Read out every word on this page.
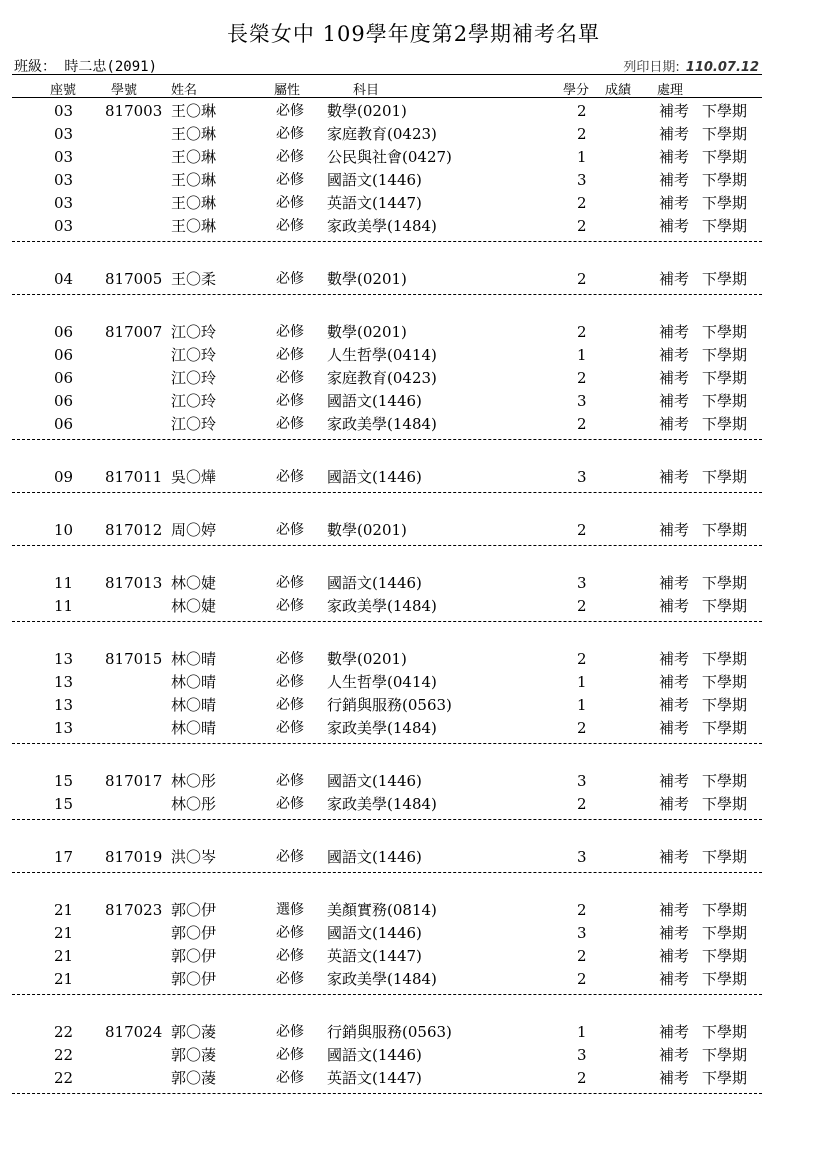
長榮女中 109學年度第2學期補考名單
班級： 時二忠(2091)	列印日期: 110.07.12
座號	學號	姓名	屬性	科目	學分 成績 處理
03 817003 王〇琳	必修 數學(0201)	2	補考 下學期
03	王〇琳	必修 家庭教育(0423)	2	補考 下學期
03	王〇琳	必修 公民與社會(0427)	1	補考 下學期
03	王〇琳	必修 國語文(1446)	3	補考 下學期
03	王〇琳	必修 英語文(1447)	2	補考 下學期
03	王〇琳	必修 家政美學(1484)	2	補考 下學期
04 817005 王〇柔	必修 數學(0201)	2	補考 下學期
06 817007 江〇玲	必修 數學(0201)	2	補考 下學期
06	江〇玲	必修 人生哲學(0414)	1	補考 下學期
06	江〇玲	必修 家庭教育(0423)	2	補考 下學期
06	江〇玲	必修 國語文(1446)	3	補考 下學期
06	江〇玲	必修 家政美學(1484)	2	補考 下學期
09 817011 吳〇燁	必修 國語文(1446)	3	補考 下學期
10 817012 周〇婷	必修 數學(0201)	2	補考 下學期
11 817013 林〇婕	必修 國語文(1446)	3	補考 下學期
11	林〇婕	必修 家政美學(1484)	2	補考 下學期
13 817015 林〇晴	必修 數學(0201)	2	補考 下學期
13	林〇晴	必修 人生哲學(0414)	1	補考 下學期
13	林〇晴	必修 行銷與服務(0563)	1	補考 下學期
13	林〇晴	必修 家政美學(1484)	2	補考 下學期
15 817017 林〇彤	必修 國語文(1446)	3	補考 下學期
15	林〇彤	必修 家政美學(1484)	2	補考 下學期
17 817019 洪〇岑	必修 國語文(1446)	3	補考 下學期
21 817023 郭〇伊	選修 美顏實務(0814)	2	補考 下學期
21	郭〇伊	必修 國語文(1446)	3	補考 下學期
21	郭〇伊	必修 英語文(1447)	2	補考 下學期
21	郭〇伊	必修 家政美學(1484)	2	補考 下學期
22 817024 郭〇蓤	必修 行銷與服務(0563)	1	補考 下學期
22	郭〇蓤	必修 國語文(1446)	3	補考 下學期
22	郭〇蓤	必修 英語文(1447)	2	補考 下學期
